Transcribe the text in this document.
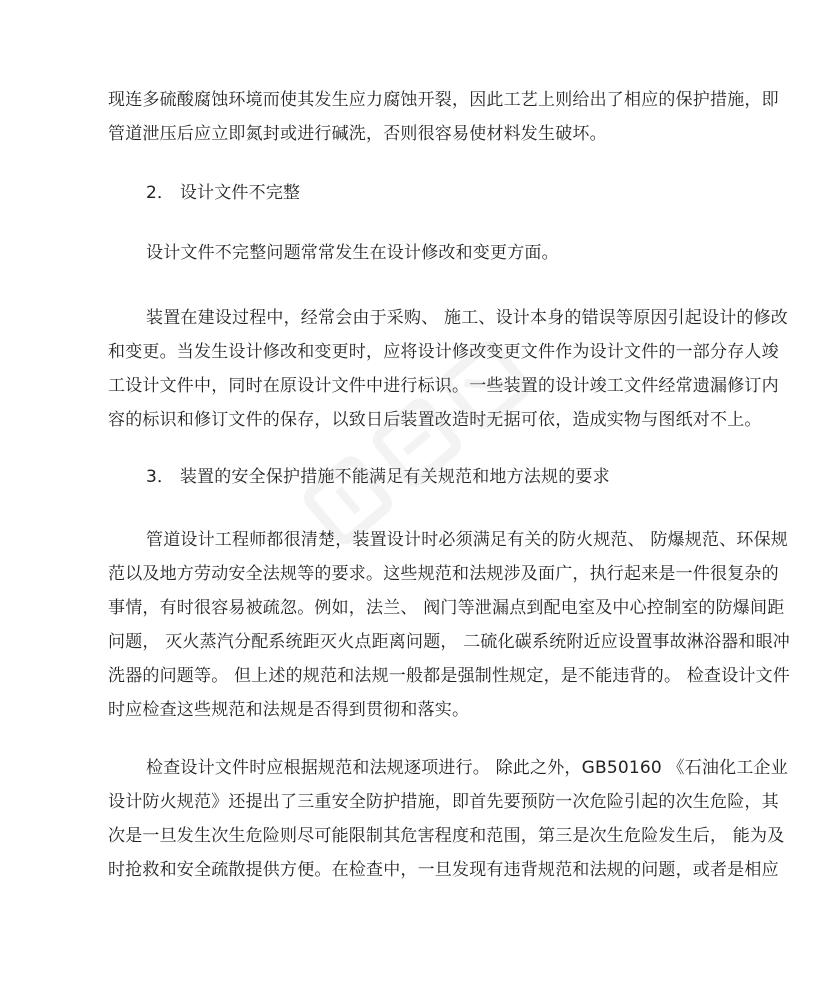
现连多硫酸腐蚀环境而使其发生应力腐蚀开裂，因此工艺上则给出了相应的保护措施，即
管道泄压后应立即氮封或进行碱洗，否则很容易使材料发生破坏。
2． 设计文件不完整
设计文件不完整问题常常发生在设计修改和变更方面。
装置在建设过程中，经常会由于采购、 施工、设计本身的错误等原因引起设计的修改
和变更。当发生设计修改和变更时，应将设计修改变更文件作为设计文件的一部分存人竣
工设计文件中，同时在原设计文件中进行标识。一些装置的设计竣工文件经常遗漏修订内
容的标识和修订文件的保存，以致日后装置改造时无据可依，造成实物与图纸对不上。
3． 装置的安全保护措施不能满足有关规范和地方法规的要求
管道设计工程师都很清楚，装置设计时必须满足有关的防火规范、 防爆规范、环保规
范以及地方劳动安全法规等的要求。这些规范和法规涉及面广，执行起来是一件很复杂的
事情，有时很容易被疏忽。例如，法兰、 阀门等泄漏点到配电室及中心控制室的防爆间距
问题， 灭火蒸汽分配系统距灭火点距离问题， 二硫化碳系统附近应设置事故淋浴器和眼冲
洗器的问题等。 但上述的规范和法规一般都是强制性规定，是不能违背的。 检查设计文件
时应检查这些规范和法规是否得到贯彻和落实。
检查设计文件时应根据规范和法规逐项进行。 除此之外，GB50160 《石油化工企业
设计防火规范》还提出了三重安全防护措施，即首先要预防一次危险引起的次生危险，其
次是一旦发生次生危险则尽可能限制其危害程度和范围，第三是次生危险发生后， 能为及
时抢救和安全疏散提供方便。在检查中，一旦发现有违背规范和法规的问题，或者是相应
